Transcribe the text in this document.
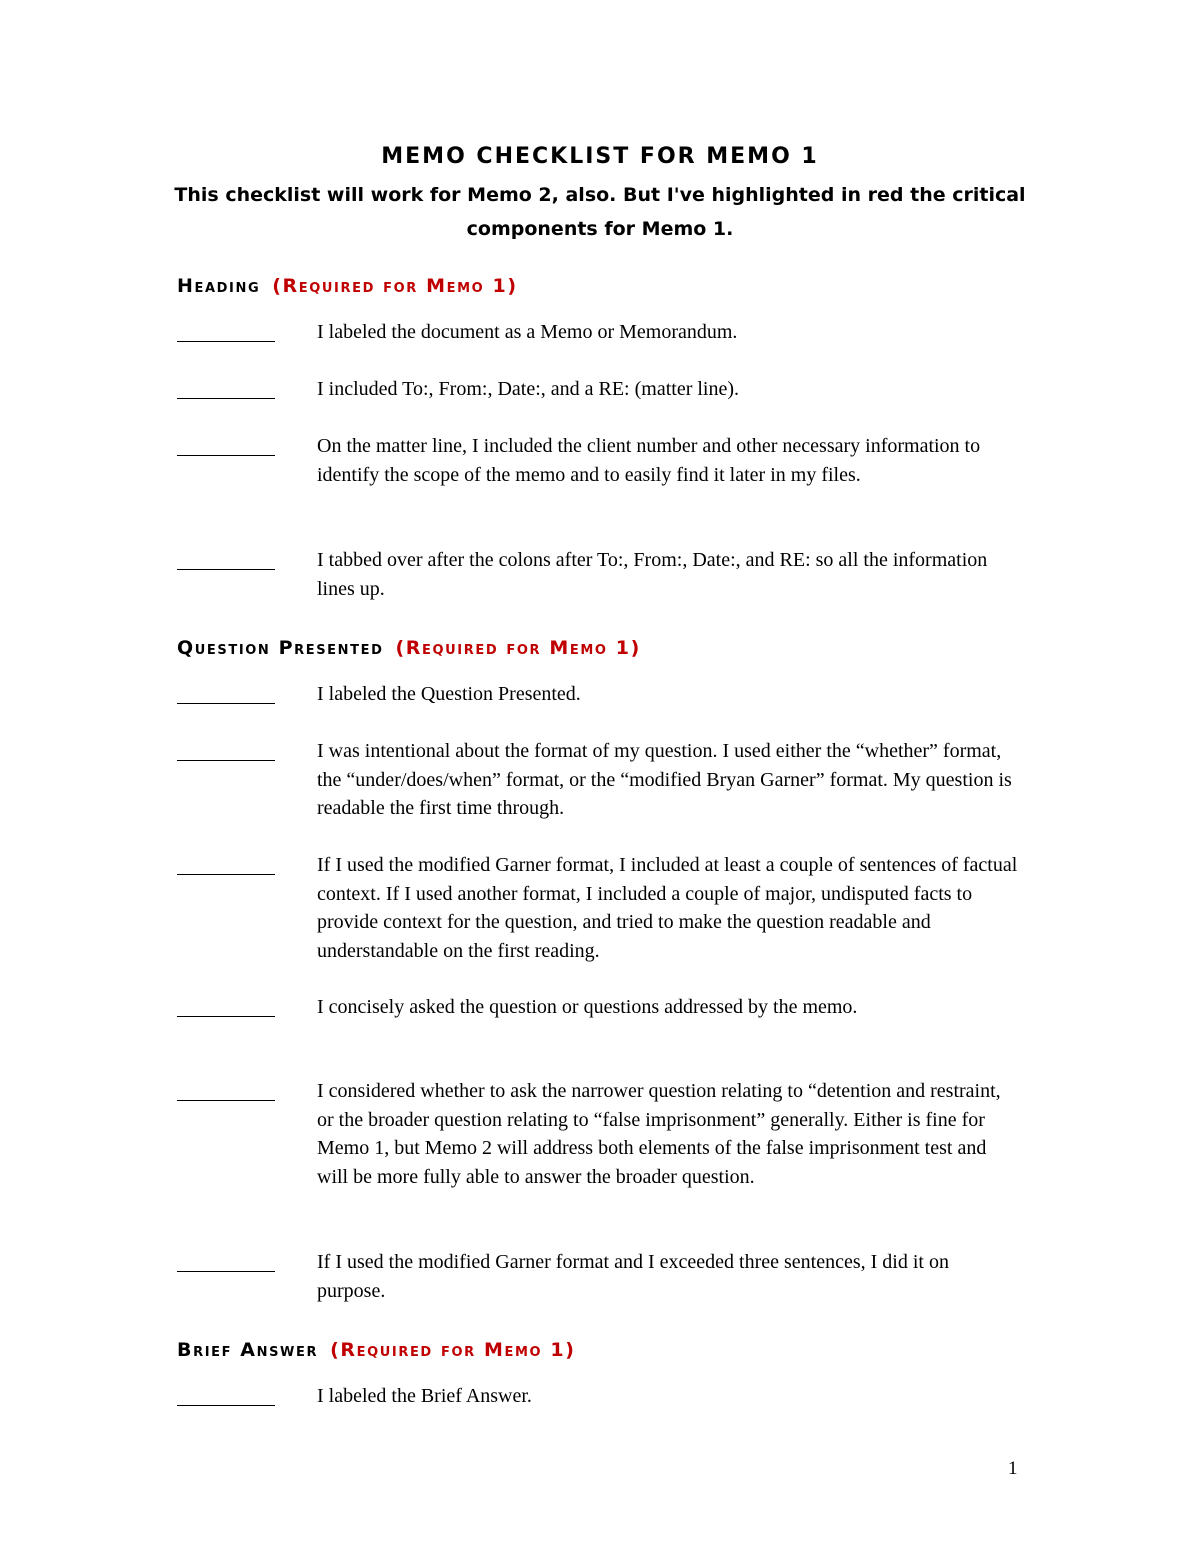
MEMO CHECKLIST FOR MEMO 1
This checklist will work for Memo 2, also. But I've highlighted in red the critical components for Memo 1.
Heading (Required for Memo 1)
I labeled the document as a Memo or Memorandum.
I included To:, From:, Date:, and a RE: (matter line).
On the matter line, I included the client number and other necessary information to identify the scope of the memo and to easily find it later in my files.
I tabbed over after the colons after To:, From:, Date:, and RE: so all the information lines up.
Question Presented (Required for Memo 1)
I labeled the Question Presented.
I was intentional about the format of my question. I used either the “whether” format, the “under/does/when” format, or the “modified Bryan Garner” format. My question is readable the first time through.
If I used the modified Garner format, I included at least a couple of sentences of factual context. If I used another format, I included a couple of major, undisputed facts to provide context for the question, and tried to make the question readable and understandable on the first reading.
I concisely asked the question or questions addressed by the memo.
I considered whether to ask the narrower question relating to “detention and restraint, or the broader question relating to “false imprisonment” generally. Either is fine for Memo 1, but Memo 2 will address both elements of the false imprisonment test and will be more fully able to answer the broader question.
If I used the modified Garner format and I exceeded three sentences, I did it on purpose.
Brief Answer (Required for Memo 1)
I labeled the Brief Answer.
1
